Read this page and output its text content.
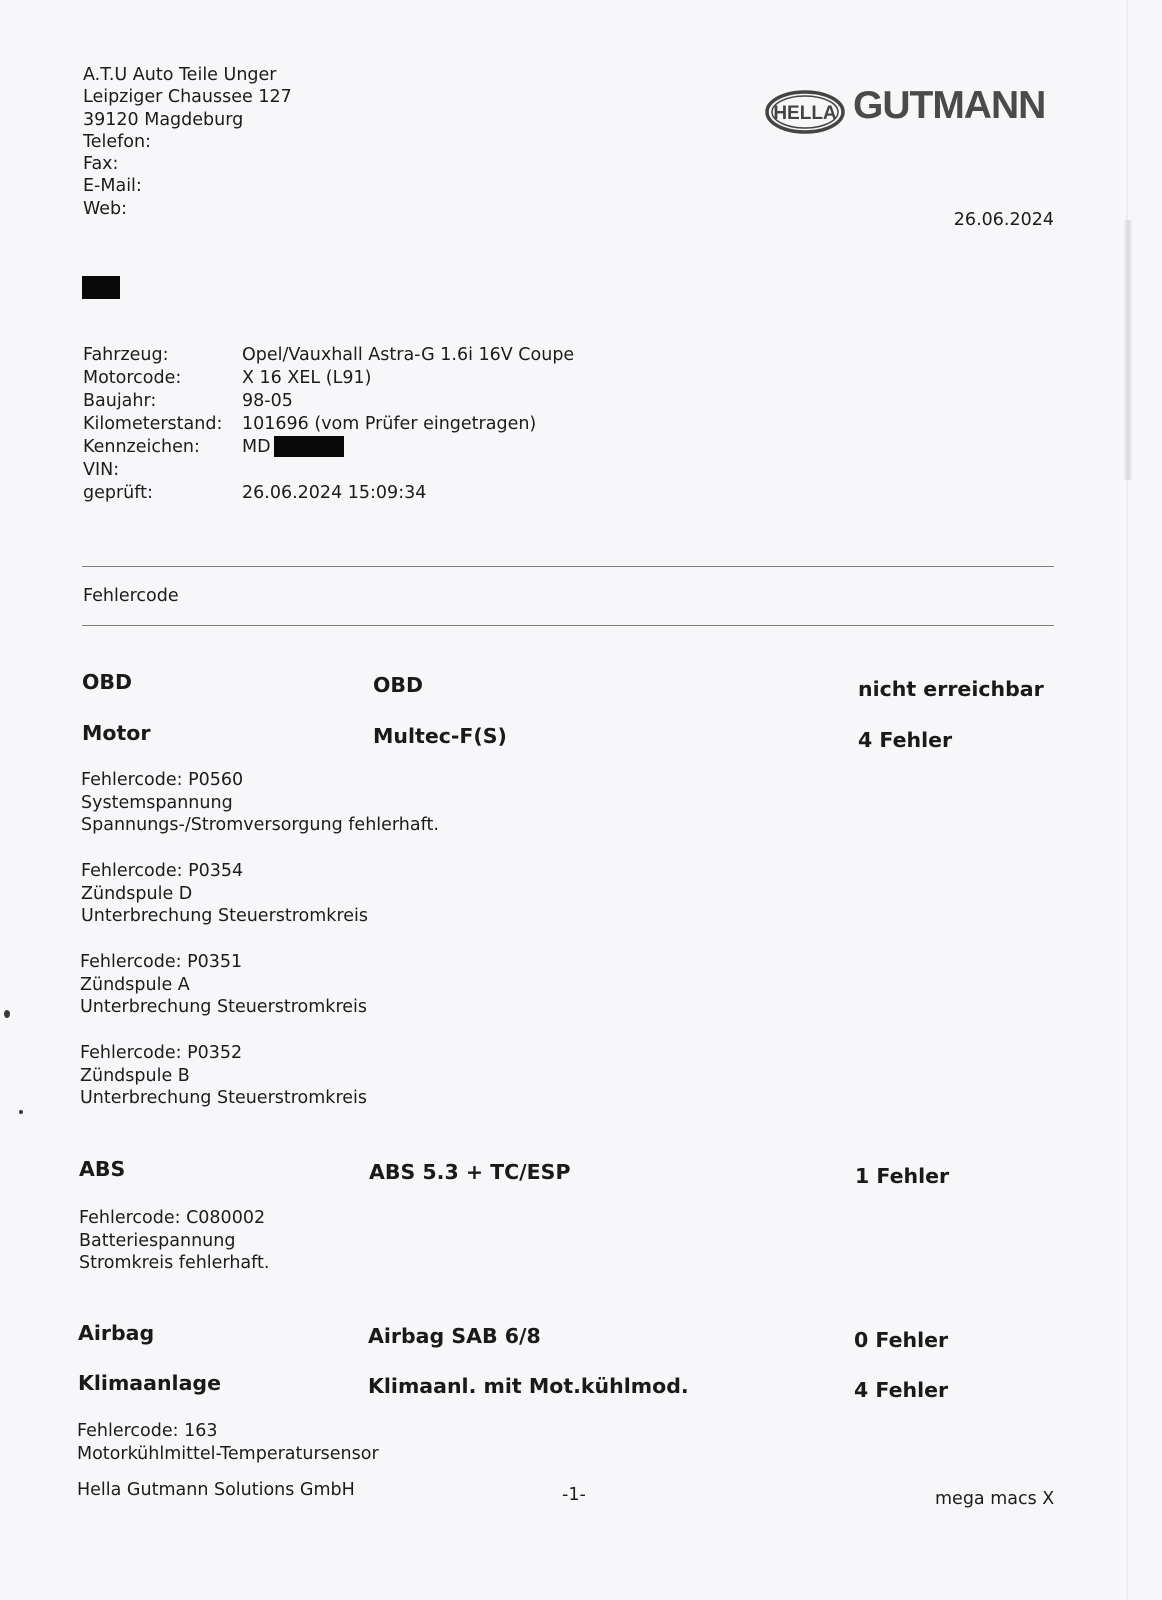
A.T.U Auto Teile Unger
Leipziger Chaussee 127
39120 Magdeburg
Telefon:
Fax:
E-Mail:
Web:
HELLA GUTMANN
26.06.2024
Fahrzeug:	Opel/Vauxhall Astra-G 1.6i 16V Coupe
Motorcode:	X 16 XEL (L91)
Baujahr:	98-05
Kilometerstand: 101696 (vom Prüfer eingetragen)
Kennzeichen: MD
VIN:
geprüft:	26.06.2024 15:09:34
Fehlercode
OBD	OBD	nicht erreichbar
Motor	Multec-F(S)	4 Fehler
Fehlercode: P0560
Systemspannung
Spannungs-/Stromversorgung fehlerhaft.
Fehlercode: P0354
Zündspule D
Unterbrechung Steuerstromkreis
Fehlercode: P0351
Zündspule A
Unterbrechung Steuerstromkreis
Fehlercode: P0352
Zündspule B
Unterbrechung Steuerstromkreis
ABS	ABS 5.3 + TC/ESP	1 Fehler
Fehlercode: C080002
Batteriespannung
Stromkreis fehlerhaft.
Airbag	Airbag SAB 6/8	0 Fehler
Klimaanlage	Klimaanl. mit Mot.kühlmod.	4 Fehler
Fehlercode: 163
Motorkühlmittel-Temperatursensor
Hella Gutmann Solutions GmbH	-1-	mega macs X
